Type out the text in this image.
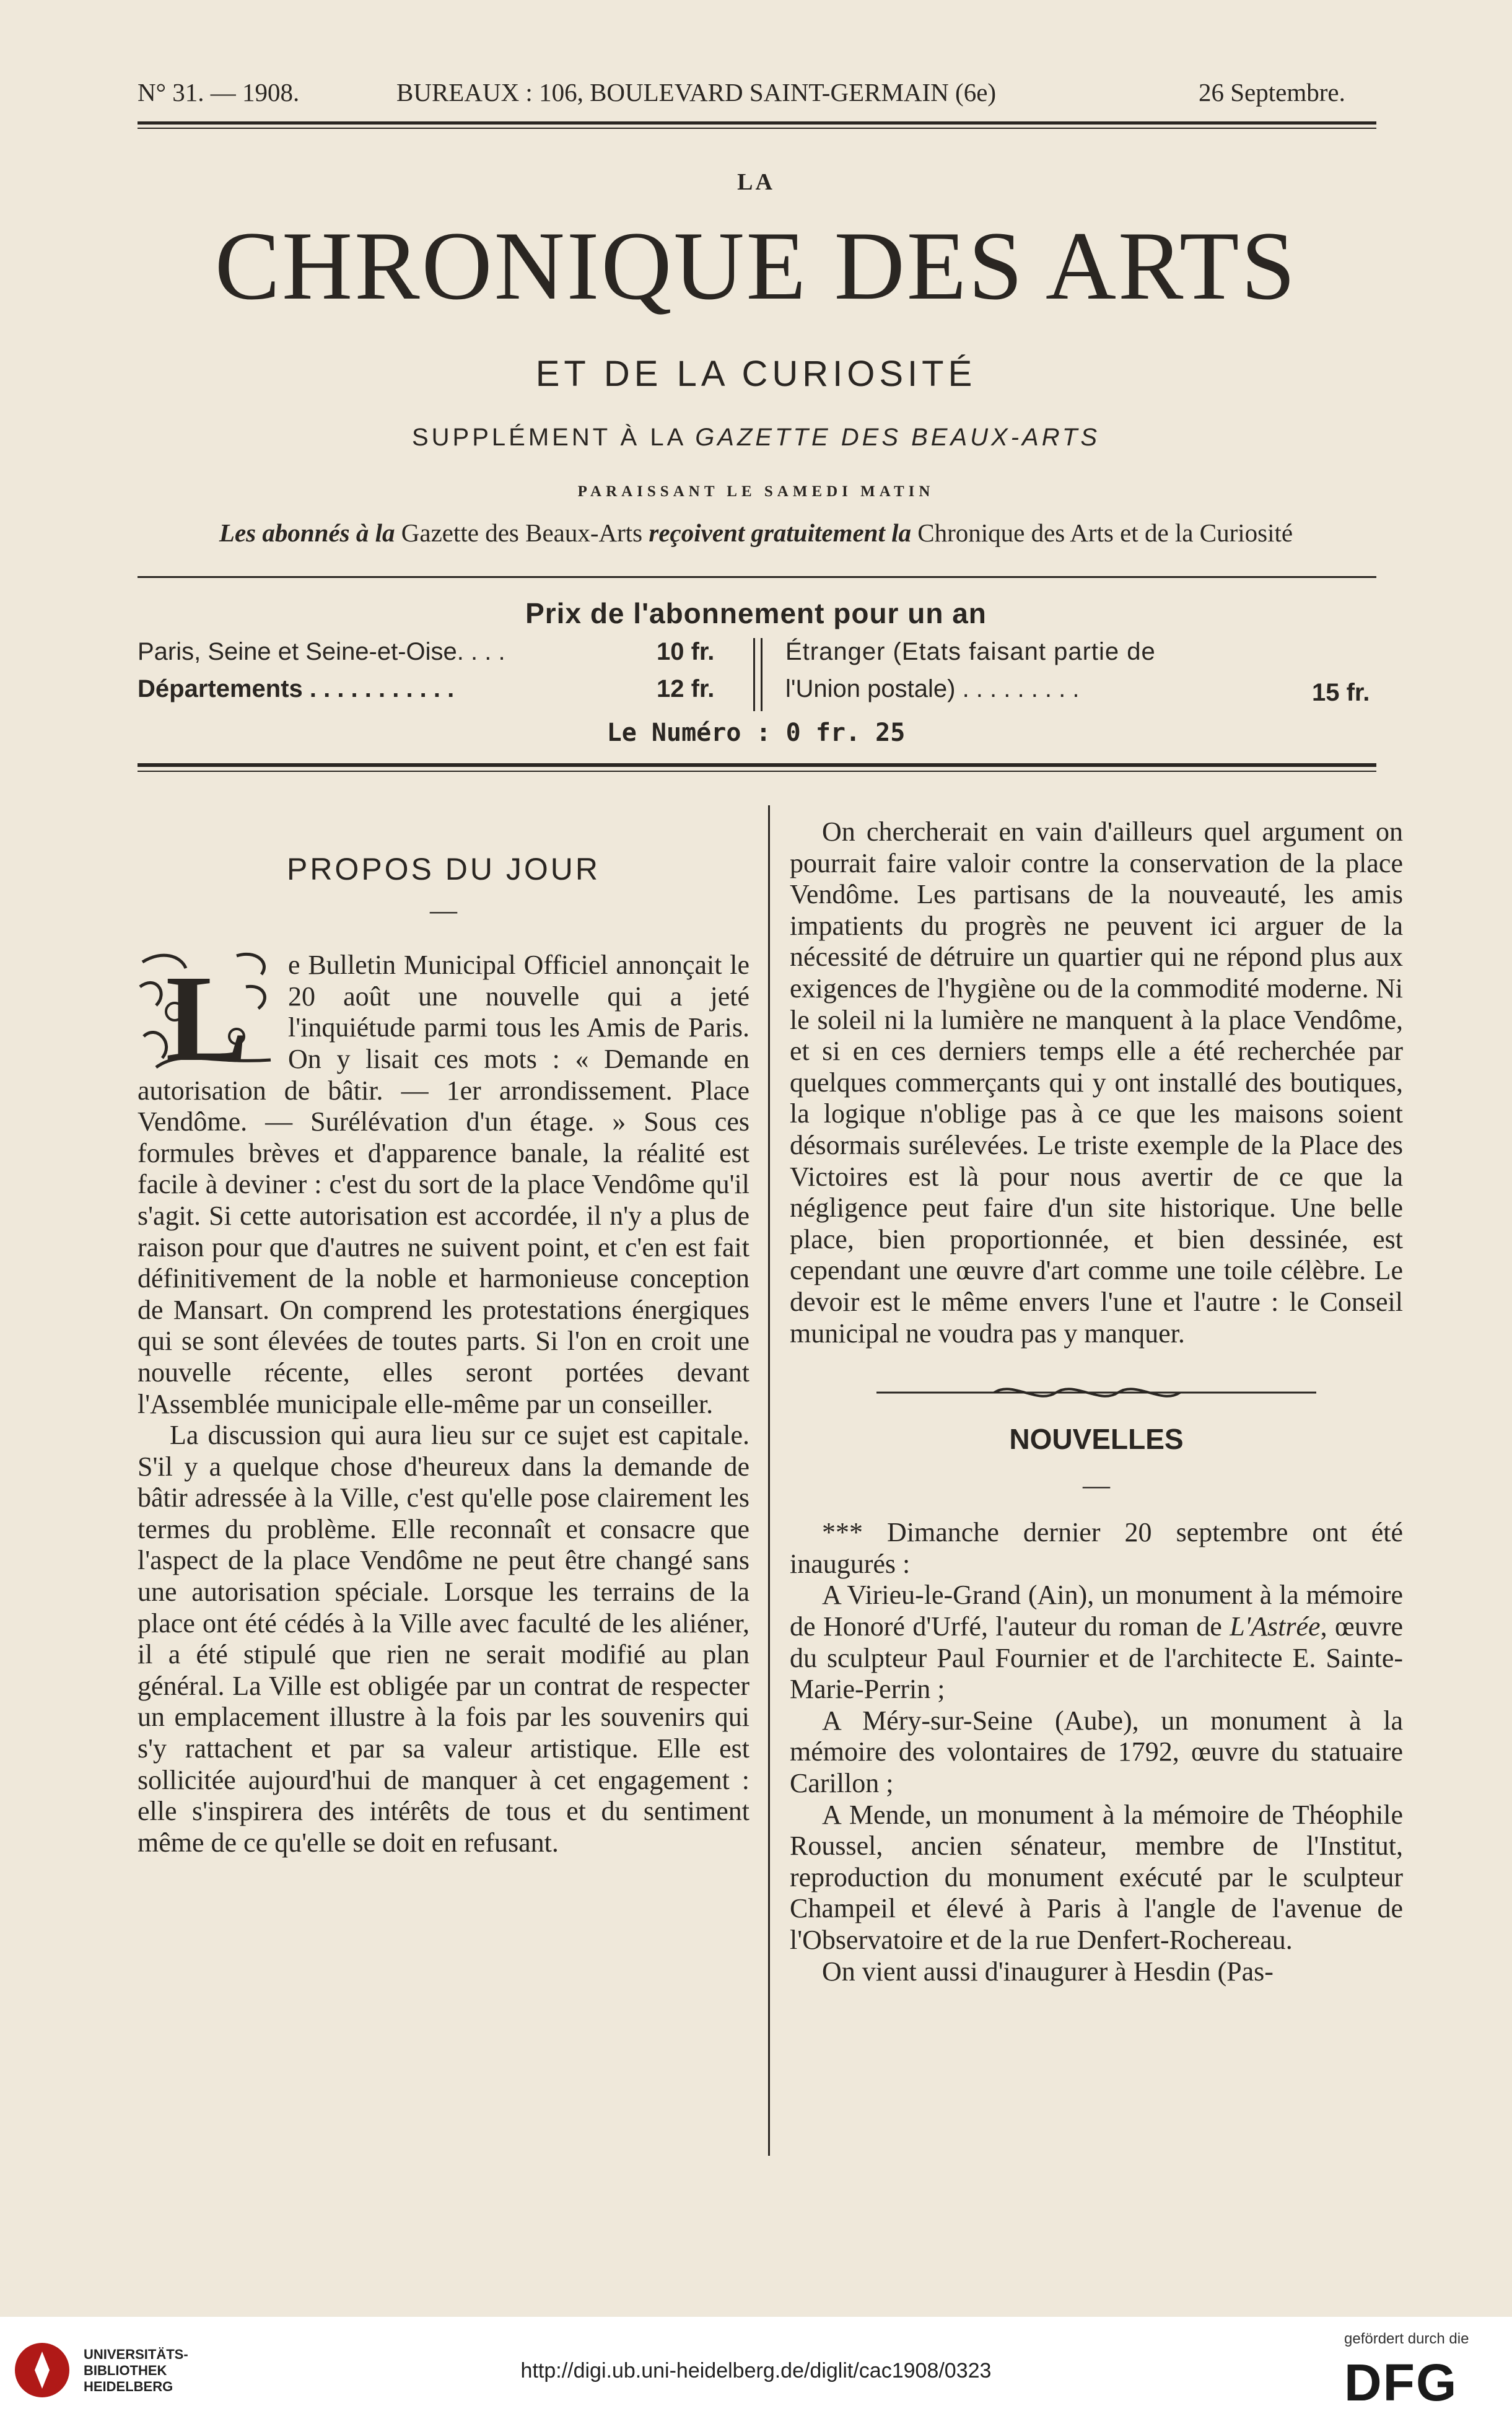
N° 31. — 1908.	BUREAUX : 106, BOULEVARD SAINT-GERMAIN (6e)	26 Septembre.
LA
CHRONIQUE DES ARTS
ET DE LA CURIOSITÉ
SUPPLÉMENT À LA GAZETTE DES BEAUX-ARTS
PARAISSANT LE SAMEDI MATIN
Les abonnés à la Gazette des Beaux-Arts reçoivent gratuitement la Chronique des Arts et de la Curiosité
Prix de l'abonnement pour un an
Paris, Seine et Seine-et-Oise. . . .	10 fr.
Départements . . . . . . . . . . .	12 fr.
Étranger (Etats faisant partie de
l'Union postale) . . . . . . . . .	15 fr.
Le Numéro : 0 fr. 25
PROPOS DU JOUR
—

L e Bulletin Municipal Officiel annonçait le 20 août une nouvelle qui a jeté l'inquiétude parmi tous les Amis de Paris. On y lisait ces mots : « Demande en autorisation de bâtir. — 1er arrondissement. Place Vendôme. — Surélévation d'un étage. » Sous ces formules brèves et d'apparence banale, la réalité est facile à deviner : c'est du sort de la place Vendôme qu'il s'agit. Si cette autorisation est accordée, il n'y a plus de raison pour que d'autres ne suivent point, et c'en est fait définitivement de la noble et harmonieuse conception de Mansart. On comprend les protestations énergiques qui se sont élevées de toutes parts. Si l'on en croit une nouvelle récente, elles seront portées devant l'Assemblée municipale elle-même par un conseiller.

La discussion qui aura lieu sur ce sujet est capitale. S'il y a quelque chose d'heureux dans la demande de bâtir adressée à la Ville, c'est qu'elle pose clairement les termes du problème. Elle reconnaît et consacre que l'aspect de la place Vendôme ne peut être changé sans une autorisation spéciale. Lorsque les terrains de la place ont été cédés à la Ville avec faculté de les aliéner, il a été stipulé que rien ne serait modifié au plan général. La Ville est obligée par un contrat de respecter un emplacement illustre à la fois par les souvenirs qui s'y rattachent et par sa valeur artistique. Elle est sollicitée aujourd'hui de manquer à cet engagement : elle s'inspirera des intérêts de tous et du sentiment même de ce qu'elle se doit en refusant.

On chercherait en vain d'ailleurs quel argument on pourrait faire valoir contre la conservation de la place Vendôme. Les partisans de la nouveauté, les amis impatients du progrès ne peuvent ici arguer de la nécessité de détruire un quartier qui ne répond plus aux exigences de l'hygiène ou de la commodité moderne. Ni le soleil ni la lumière ne manquent à la place Vendôme, et si en ces derniers temps elle a été recherchée par quelques commerçants qui y ont installé des boutiques, la logique n'oblige pas à ce que les maisons soient désormais surélevées. Le triste exemple de la Place des Victoires est là pour nous avertir de ce que la négligence peut faire d'un site historique. Une belle place, bien proportionnée, et bien dessinée, est cependant une œuvre d'art comme une toile célèbre. Le devoir est le même envers l'une et l'autre : le Conseil municipal ne voudra pas y manquer.

NOUVELLES
—

*** Dimanche dernier 20 septembre ont été inaugurés :

A Virieu-le-Grand (Ain), un monument à la mémoire de Honoré d'Urfé, l'auteur du roman de L'Astrée, œuvre du sculpteur Paul Fournier et de l'architecte E. Sainte-Marie-Perrin ;

A Méry-sur-Seine (Aube), un monument à la mémoire des volontaires de 1792, œuvre du statuaire Carillon ;

A Mende, un monument à la mémoire de Théophile Roussel, ancien sénateur, membre de l'Institut, reproduction du monument exécuté par le sculpteur Champeil et élevé à Paris à l'angle de l'avenue de l'Observatoire et de la rue Denfert-Rochereau.

On vient aussi d'inaugurer à Hesdin (Pas-

UNIVERSITÄTS-
BIBLIOTHEK
HEIDELBERG
http://digi.ub.uni-heidelberg.de/diglit/cac1908/0323
gefördert durch die
DFG
